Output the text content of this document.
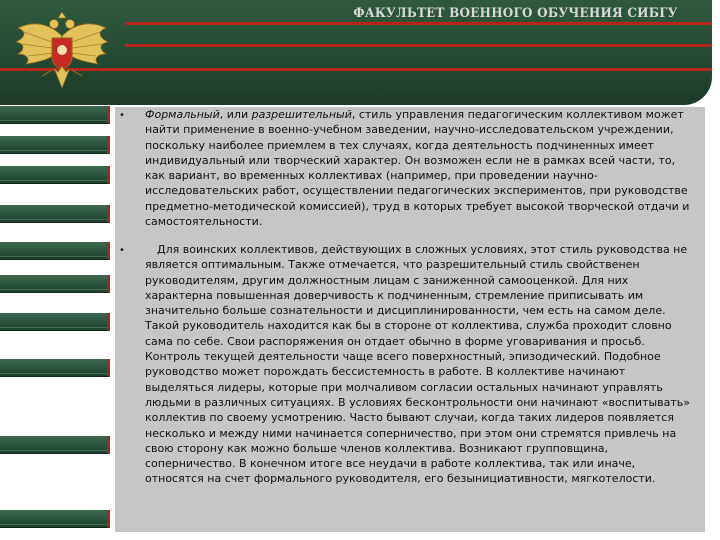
ФАКУЛЬТЕТ ВОЕННОГО ОБУЧЕНИЯ СИБГУ
•
•

Формальный, или разрешительный, стиль управления педагогическим коллективом может найти применение в военно-учебном заведении, научно-исследовательском учреждении, поскольку наиболее приемлем в тех случаях, когда деятельность подчиненных имеет индивидуальный или творческий характер. Он возможен если не в рамках всей части, то, как вариант, во временных коллективах (например, при проведении научно-исследовательских работ, осуществлении педагогических экспериментов, при руководстве предметно-методической комиссией), труд в которых требует высокой творческой отдачи и самостоятельности.

Для воинских коллективов, действующих в сложных условиях, этот стиль руководства не является оптимальным. Также отмечается, что разрешительный стиль свойственен руководителям, другим должностным лицам с заниженной самооценкой. Для них характерна повышенная доверчивость к подчиненным, стремление приписывать им значительно больше сознательности и дисциплинированности, чем есть на самом деле. Такой руководитель находится как бы в стороне от коллектива, служба проходит словно сама по себе. Свои распоряжения он отдает обычно в форме уговаривания и просьб. Контроль текущей деятельности чаще всего поверхностный, эпизодический. Подобное руководство может порождать бессистемность в работе. В коллективе начинают выделяться лидеры, которые при молчаливом согласии остальных начинают управлять людьми в различных ситуациях. В условиях бесконтрольности они начинают «воспитывать» коллектив по своему усмотрению. Часто бывают случаи, когда таких лидеров появляется несколько и между ними начинается соперничество, при этом они стремятся привлечь на свою сторону как можно больше членов коллектива. Возникают групповщина, соперничество. В конечном итоге все неудачи в работе коллектива, так или иначе, относятся на счет формального руководителя, его безынициативности, мягкотелости.
